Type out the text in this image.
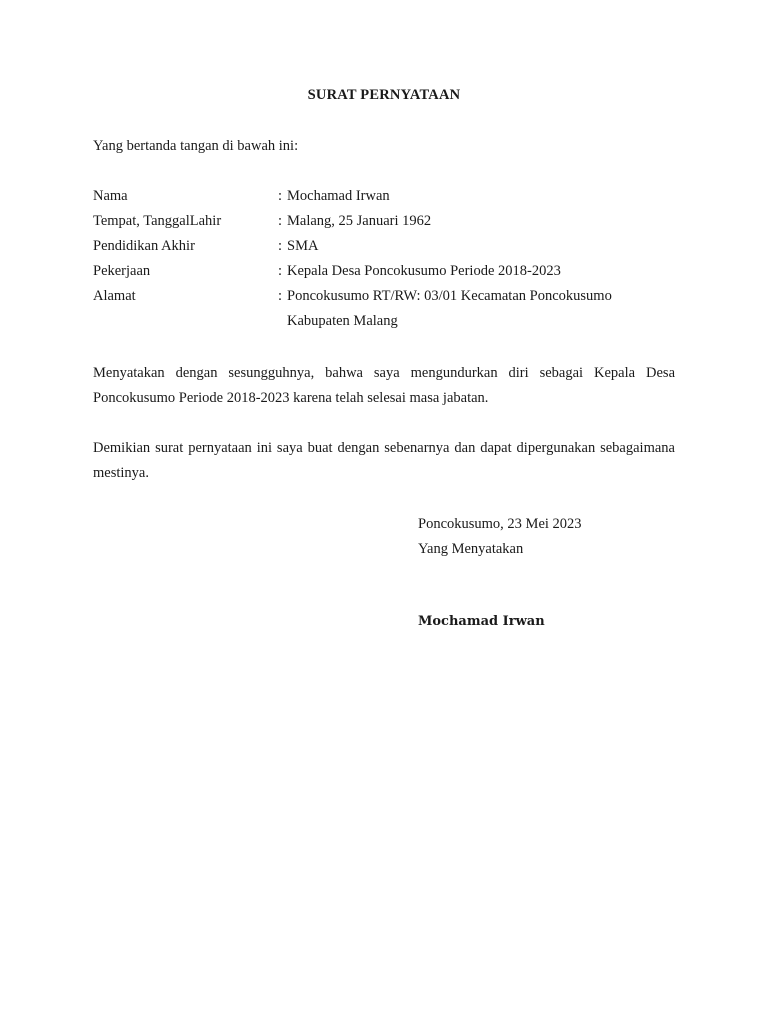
SURAT PERNYATAAN
Yang bertanda tangan di bawah ini:
Nama	: Mochamad Irwan
Tempat, TanggalLahir	: Malang, 25 Januari 1962
Pendidikan Akhir	: SMA
Pekerjaan	: Kepala Desa Poncokusumo Periode 2018-2023
Alamat	: Poncokusumo RT/RW: 03/01 Kecamatan Poncokusumo Kabupaten Malang
Menyatakan dengan sesungguhnya, bahwa saya mengundurkan diri sebagai Kepala Desa Poncokusumo Periode 2018-2023 karena telah selesai masa jabatan.
Demikian surat pernyataan ini saya buat dengan sebenarnya dan dapat dipergunakan sebagaimana mestinya.
Poncokusumo, 23 Mei 2023
Yang Menyatakan
Mochamad Irwan
